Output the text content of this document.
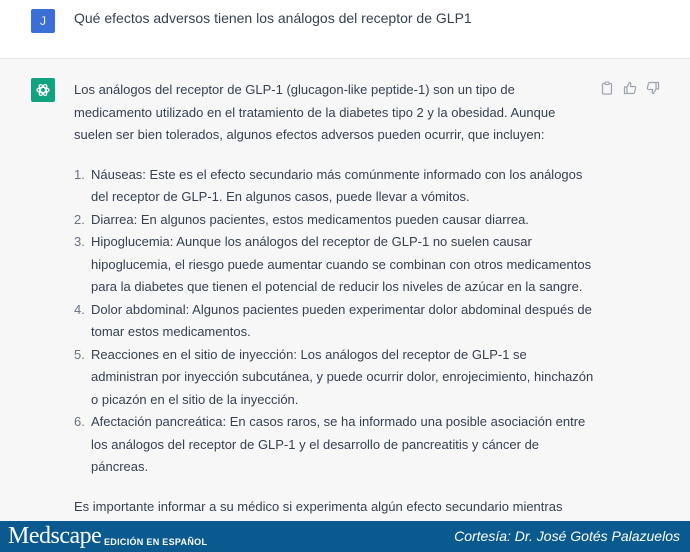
J	Qué efectos adversos tienen los análogos del receptor de GLP1

Los análogos del receptor de GLP-1 (glucagon-like peptide-1) son un tipo de medicamento utilizado en el tratamiento de la diabetes tipo 2 y la obesidad. Aunque suelen ser bien tolerados, algunos efectos adversos pueden ocurrir, que incluyen:

1. Náuseas: Este es el efecto secundario más comúnmente informado con los análogos del receptor de GLP-1. En algunos casos, puede llevar a vómitos.
2. Diarrea: En algunos pacientes, estos medicamentos pueden causar diarrea.
3. Hipoglucemia: Aunque los análogos del receptor de GLP-1 no suelen causar hipoglucemia, el riesgo puede aumentar cuando se combinan con otros medicamentos para la diabetes que tienen el potencial de reducir los niveles de azúcar en la sangre.
4. Dolor abdominal: Algunos pacientes pueden experimentar dolor abdominal después de tomar estos medicamentos.
5. Reacciones en el sitio de inyección: Los análogos del receptor de GLP-1 se administran por inyección subcutánea, y puede ocurrir dolor, enrojecimiento, hinchazón o picazón en el sitio de la inyección.
6. Afectación pancreática: En casos raros, se ha informado una posible asociación entre los análogos del receptor de GLP-1 y el desarrollo de pancreatitis y cáncer de páncreas.

Es importante informar a su médico si experimenta algún efecto secundario mientras

Medscape EDICIÓN EN ESPAÑOL	Cortesía: Dr. José Gotés Palazuelos
